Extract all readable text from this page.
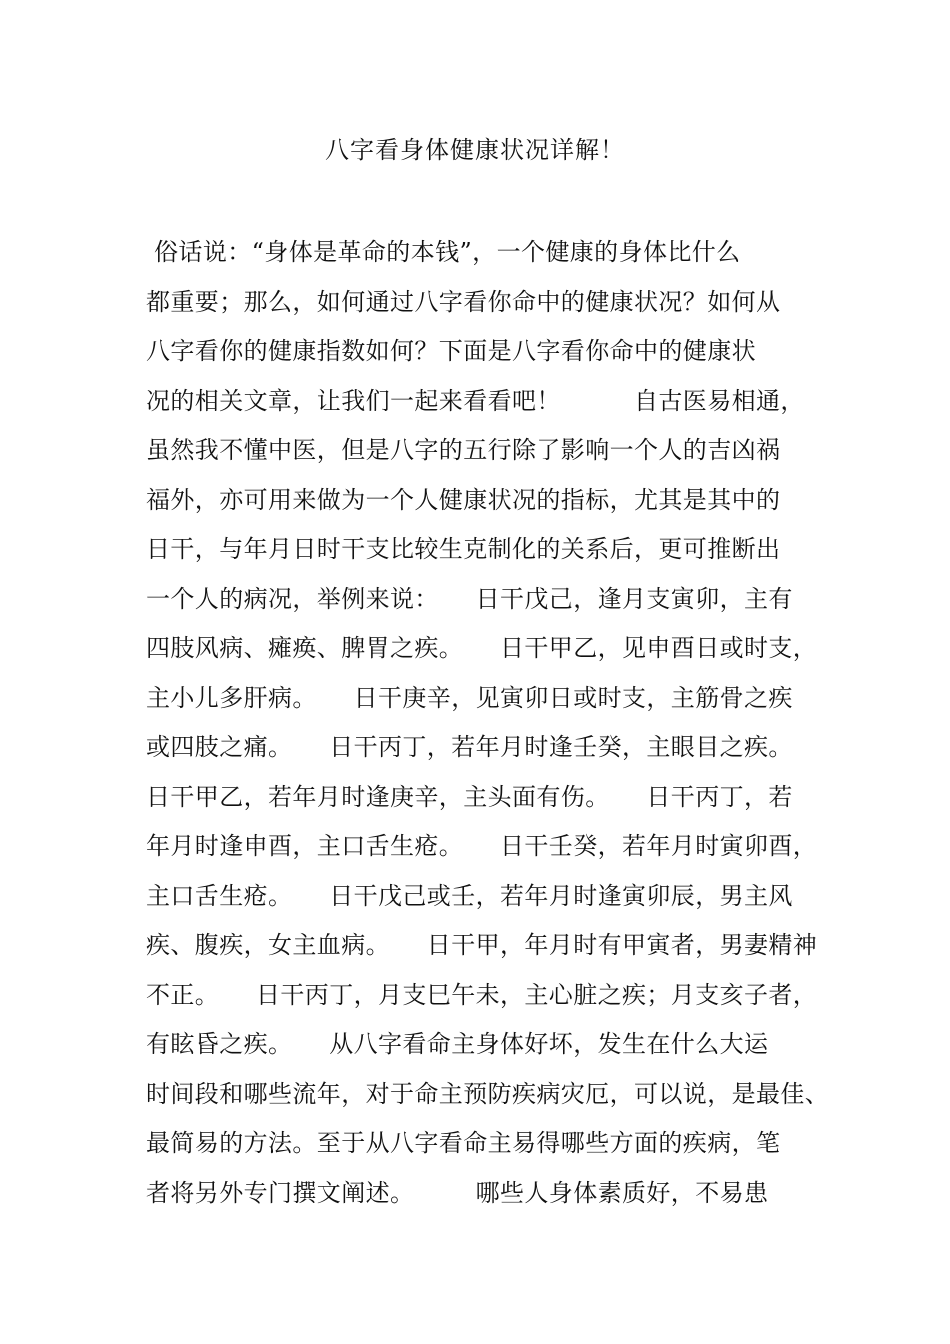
八字看身体健康状况详解！
俗话说：“身体是革命的本钱”，一个健康的身体比什么
都重要；那么，如何通过八字看你命中的健康状况？如何从
八字看你的健康指数如何？下面是八字看你命中的健康状
况的相关文章，让我们一起来看看吧！　　　自古医易相通，
虽然我不懂中医，但是八字的五行除了影响一个人的吉凶祸
福外，亦可用来做为一个人健康状况的指标，尤其是其中的
日干，与年月日时干支比较生克制化的关系后，更可推断出
一个人的病况，举例来说：　　日干戊己，逢月支寅卯，主有
四肢风病、瘫痪、脾胃之疾。　　日干甲乙，见申酉日或时支，
主小儿多肝病。　　日干庚辛，见寅卯日或时支，主筋骨之疾
或四肢之痛。　　日干丙丁，若年月时逢壬癸，主眼目之疾。
日干甲乙，若年月时逢庚辛，主头面有伤。　　日干丙丁，若
年月时逢申酉，主口舌生疮。　　日干壬癸，若年月时寅卯酉，
主口舌生疮。　　日干戊己或壬，若年月时逢寅卯辰，男主风
疾、腹疾，女主血病。　　日干甲，年月时有甲寅者，男妻精神
不正。　　日干丙丁，月支巳午未，主心脏之疾；月支亥子者，
有眩昏之疾。　　从八字看命主身体好坏，发生在什么大运
时间段和哪些流年，对于命主预防疾病灾厄，可以说，是最佳、
最简易的方法。至于从八字看命主易得哪些方面的疾病，笔
者将另外专门撰文阐述。　　　哪些人身体素质好，不易患
